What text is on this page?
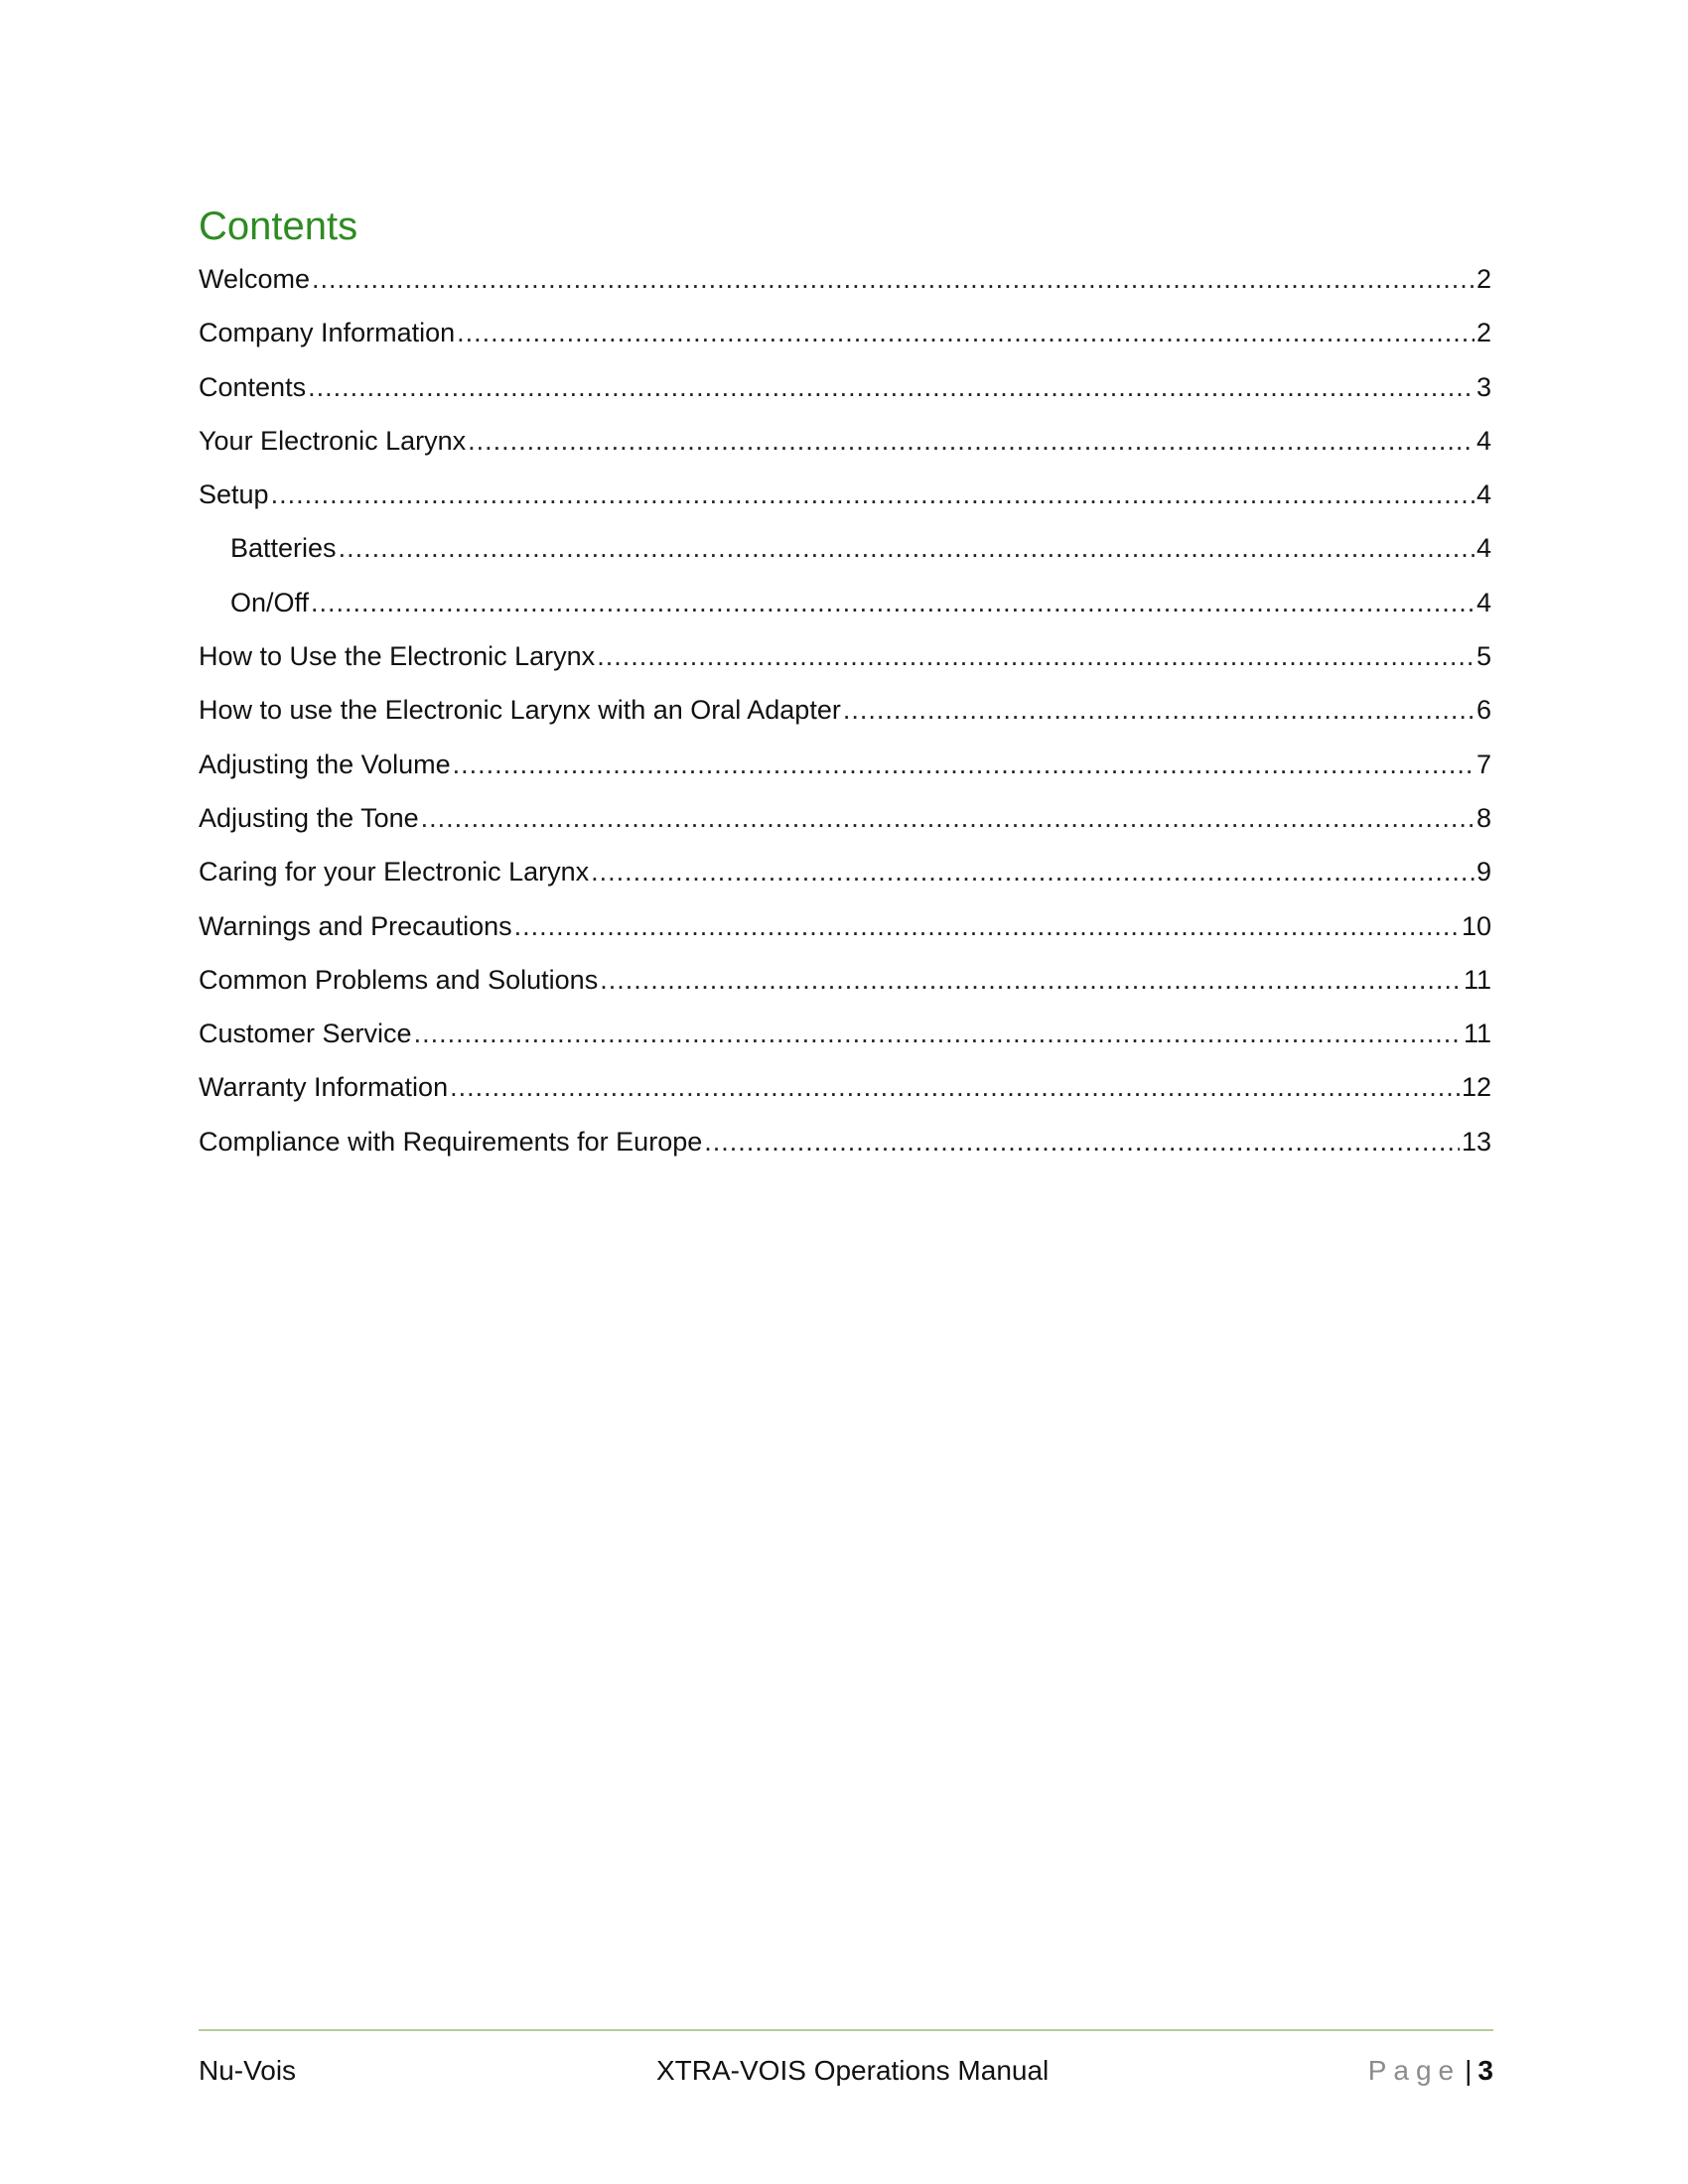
Contents
Welcome .....	2
Company Information .....	2
Contents .....	3
Your Electronic Larynx .....	4
Setup .....	4
Batteries .....	4
On/Off .....	4
How to Use the Electronic Larynx .....	5
How to use the Electronic Larynx with an Oral Adapter .....	6
Adjusting the Volume .....	7
Adjusting the Tone .....	8
Caring for your Electronic Larynx .....	9
Warnings and Precautions .....	10
Common Problems and Solutions .....	11
Customer Service .....	11
Warranty Information .....	12
Compliance with Requirements for Europe .....	13
Nu-Vois	XTRA-VOIS Operations Manual	Page | 3
